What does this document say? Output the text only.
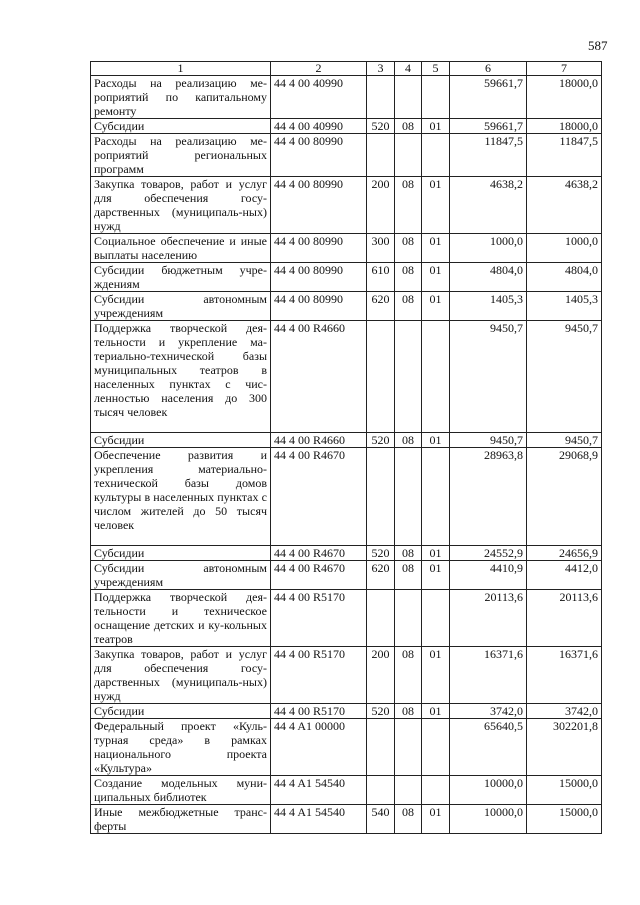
587
1	2	3	4	5	6	7
Расходы на реализацию ме-роприятий по капитальному ремонту	44 4 00 40990				59661,7	18000,0
Субсидии	44 4 00 40990	520	08	01	59661,7	18000,0
Расходы на реализацию ме-роприятий региональных программ	44 4 00 80990				11847,5	11847,5
Закупка товаров, работ и услуг для обеспечения госу-дарственных (муниципаль-ных) нужд	44 4 00 80990	200	08	01	4638,2	4638,2
Социальное обеспечение и иные выплаты населению	44 4 00 80990	300	08	01	1000,0	1000,0
Субсидии бюджетным учре-ждениям	44 4 00 80990	610	08	01	4804,0	4804,0
Субсидии автономным учреждениям	44 4 00 80990	620	08	01	1405,3	1405,3
Поддержка творческой дея-тельности и укрепление ма-териально-технической базы муниципальных театров в населенных пунктах с чис-ленностью населения до 300 тысяч человек	44 4 00 R4660				9450,7	9450,7
Субсидии	44 4 00 R4660	520	08	01	9450,7	9450,7
Обеспечение развития и укрепления материально-технической базы домов культуры в населенных пунктах с числом жителей до 50 тысяч человек	44 4 00 R4670				28963,8	29068,9
Субсидии	44 4 00 R4670	520	08	01	24552,9	24656,9
Субсидии автономным учреждениям	44 4 00 R4670	620	08	01	4410,9	4412,0
Поддержка творческой дея-тельности и техническое оснащение детских и ку-кольных театров	44 4 00 R5170				20113,6	20113,6
Закупка товаров, работ и услуг для обеспечения госу-дарственных (муниципаль-ных) нужд	44 4 00 R5170	200	08	01	16371,6	16371,6
Субсидии	44 4 00 R5170	520	08	01	3742,0	3742,0
Федеральный проект «Куль-турная среда» в рамках национального проекта «Культура»	44 4 A1 00000				65640,5	302201,8
Создание модельных муни-ципальных библиотек	44 4 A1 54540				10000,0	15000,0
Иные межбюджетные транс-ферты	44 4 A1 54540	540	08	01	10000,0	15000,0
